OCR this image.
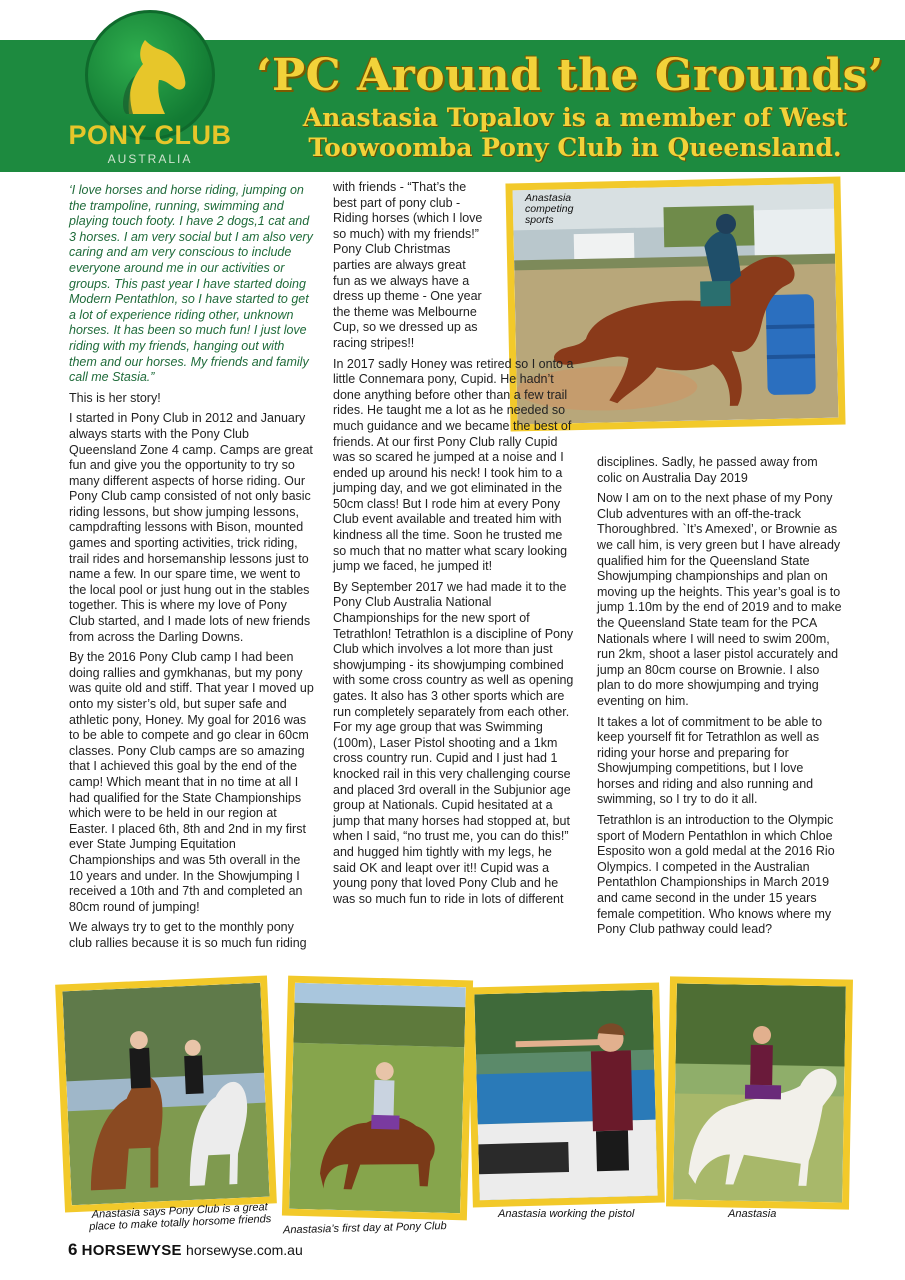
PONY CLUB
AUSTRALIA
‘PC Around the Grounds’
Anastasia Topalov is a member of West
Toowoomba Pony Club in Queensland.

‘I love horses and horse riding, jumping on the trampoline, running, swimming and playing touch footy. I have 2 dogs,1 cat and 3 horses. I am very social but I am also very caring and am very conscious to include everyone around me in our activities or groups. This past year I have started doing Modern Pentathlon, so I have started to get a lot of experience riding other, unknown horses. It has been so much fun! I just love riding with my friends, hanging out with them and our horses. My friends and family call me Stasia.”

This is her story!

I started in Pony Club in 2012 and January always starts with the Pony Club Queensland Zone 4 camp. Camps are great fun and give you the opportunity to try so many different aspects of horse riding. Our Pony Club camp consisted of not only basic riding lessons, but show jumping lessons, campdrafting lessons with Bison, mounted games and sporting activities, trick riding, trail rides and horsemanship lessons just to name a few. In our spare time, we went to the local pool or just hung out in the stables together. This is where my love of Pony Club started, and I made lots of new friends from across the Darling Downs.

By the 2016 Pony Club camp I had been doing rallies and gymkhanas, but my pony was quite old and stiff. That year I moved up onto my sister’s old, but super safe and athletic pony, Honey. My goal for 2016 was to be able to compete and go clear in 60cm classes. Pony Club camps are so amazing that I achieved this goal by the end of the camp! Which meant that in no time at all I had qualified for the State Championships which were to be held in our region at Easter. I placed 6th, 8th and 2nd in my first ever State Jumping Equitation Championships and was 5th overall in the 10 years and under. In the Showjumping I received a 10th and 7th and completed an 80cm round of jumping!

We always try to get to the monthly pony club rallies because it is so much fun riding

Anastasia competing sports

with friends - “That’s the best part of pony club - Riding horses (which I love so much) with my friends!” Pony Club Christmas parties are always great fun as we always have a dress up theme - One year the theme was Melbourne Cup, so we dressed up as racing stripes!!

In 2017 sadly Honey was retired so I onto a little Connemara pony, Cupid. He hadn’t done anything before other than a few trail rides. He taught me a lot as he needed so much guidance and we became the best of friends. At our first Pony Club rally Cupid was so scared he jumped at a noise and I ended up around his neck! I took him to a jumping day, and we got eliminated in the 50cm class! But I rode him at every Pony Club event available and treated him with kindness all the time. Soon he trusted me so much that no matter what scary looking jump we faced, he jumped it!

By September 2017 we had made it to the Pony Club Australia National Championships for the new sport of Tetrathlon! Tetrathlon is a discipline of Pony Club which involves a lot more than just showjumping - its showjumping combined with some cross country as well as opening gates. It also has 3 other sports which are run completely separately from each other. For my age group that was Swimming (100m), Laser Pistol shooting and a 1km cross country run. Cupid and I just had 1 knocked rail in this very challenging course and placed 3rd overall in the Subjunior age group at Nationals. Cupid hesitated at a jump that many horses had stopped at, but when I said, “no trust me, you can do this!” and hugged him tightly with my legs, he said OK and leapt over it!! Cupid was a young pony that loved Pony Club and he was so much fun to ride in lots of different

disciplines. Sadly, he passed away from colic on Australia Day 2019

Now I am on to the next phase of my Pony Club adventures with an off-the-track Thoroughbred. `It’s Amexed’, or Brownie as we call him, is very green but I have already qualified him for the Queensland State Showjumping championships and plan on moving up the heights. This year’s goal is to jump 1.10m by the end of 2019 and to make the Queensland State team for the PCA Nationals where I will need to swim 200m, run 2km, shoot a laser pistol accurately and jump an 80cm course on Brownie. I also plan to do more showjumping and trying eventing on him.

It takes a lot of commitment to be able to keep yourself fit for Tetrathlon as well as riding your horse and preparing for Showjumping competitions, but I love horses and riding and also running and swimming, so I try to do it all.

Tetrathlon is an introduction to the Olympic sport of Modern Pentathlon in which Chloe Esposito won a gold medal at the 2016 Rio Olympics. I competed in the Australian Pentathlon Championships in March 2019 and came second in the under 15 years female competition. Who knows where my Pony Club pathway could lead?

Anastasia says Pony Club is a great place to make totally horsome friends	Anastasia’s first day at Pony Club
Anastasia working the pistol	Anastasia
6 HORSEWYSE horsewyse.com.au
